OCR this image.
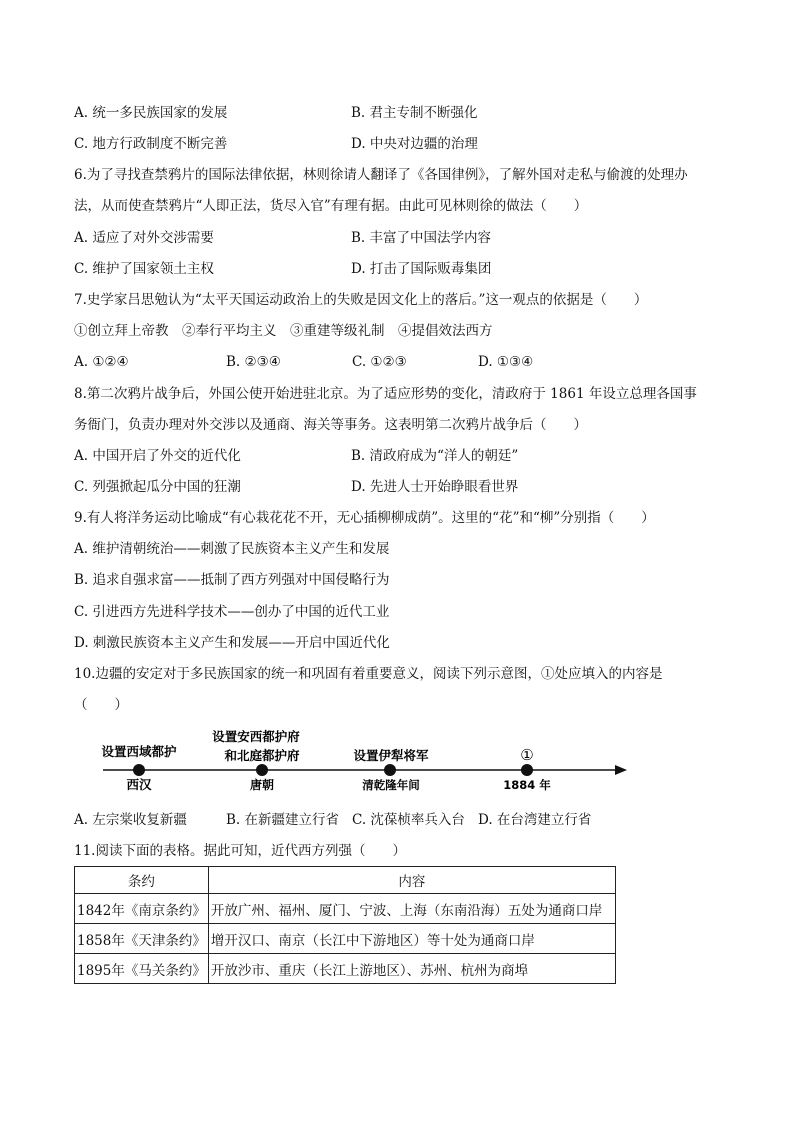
A. 统一多民族国家的发展	B. 君主专制不断强化
C. 地方行政制度不断完善	D. 中央对边疆的治理
6.为了寻找查禁鸦片的国际法律依据，林则徐请人翻译了《各国律例》，了解外国对走私与偷渡的处理办
法，从而使查禁鸦片“人即正法，货尽入官”有理有据。由此可见林则徐的做法（　　）
A. 适应了对外交涉需要	B. 丰富了中国法学内容
C. 维护了国家领土主权	D. 打击了国际贩毒集团
7.史学家吕思勉认为“太平天国运动政治上的失败是因文化上的落后。”这一观点的依据是（　　）
①创立拜上帝教　②奉行平均主义　③重建等级礼制　④提倡效法西方
A. ①②④	B. ②③④	C. ①②③	D. ①③④
8.第二次鸦片战争后，外国公使开始进驻北京。为了适应形势的变化，清政府于 1861 年设立总理各国事
务衙门，负责办理对外交涉以及通商、海关等事务。这表明第二次鸦片战争后（　　）
A. 中国开启了外交的近代化	B. 清政府成为“洋人的朝廷”
C. 列强掀起瓜分中国的狂潮	D. 先进人士开始睁眼看世界
9.有人将洋务运动比喻成“有心栽花花不开，无心插柳柳成荫”。这里的“花”和“柳”分别指（　　）
A. 维护清朝统治——刺激了民族资本主义产生和发展
B. 追求自强求富——抵制了西方列强对中国侵略行为
C. 引进西方先进科学技术——创办了中国的近代工业
D. 刺激民族资本主义产生和发展——开启中国近代化
10.边疆的安定对于多民族国家的统一和巩固有着重要意义，阅读下列示意图，①处应填入的内容是
（　　）
设置西域都护
西汉
设置安西都护府
和北庭都护府
唐朝
设置伊犁将军
清乾隆年间
①
1884 年
A. 左宗棠收复新疆	B. 在新疆建立行省 C. 沈葆桢率兵入台 D. 在台湾建立行省
11.阅读下面的表格。据此可知，近代西方列强（　　）
条约	内容
1842年《南京条约》	开放广州、福州、厦门、宁波、上海（东南沿海）五处为通商口岸
1858年《天津条约》	增开汉口、南京（长江中下游地区）等十处为通商口岸
1895年《马关条约》	开放沙市、重庆（长江上游地区）、苏州、杭州为商埠
